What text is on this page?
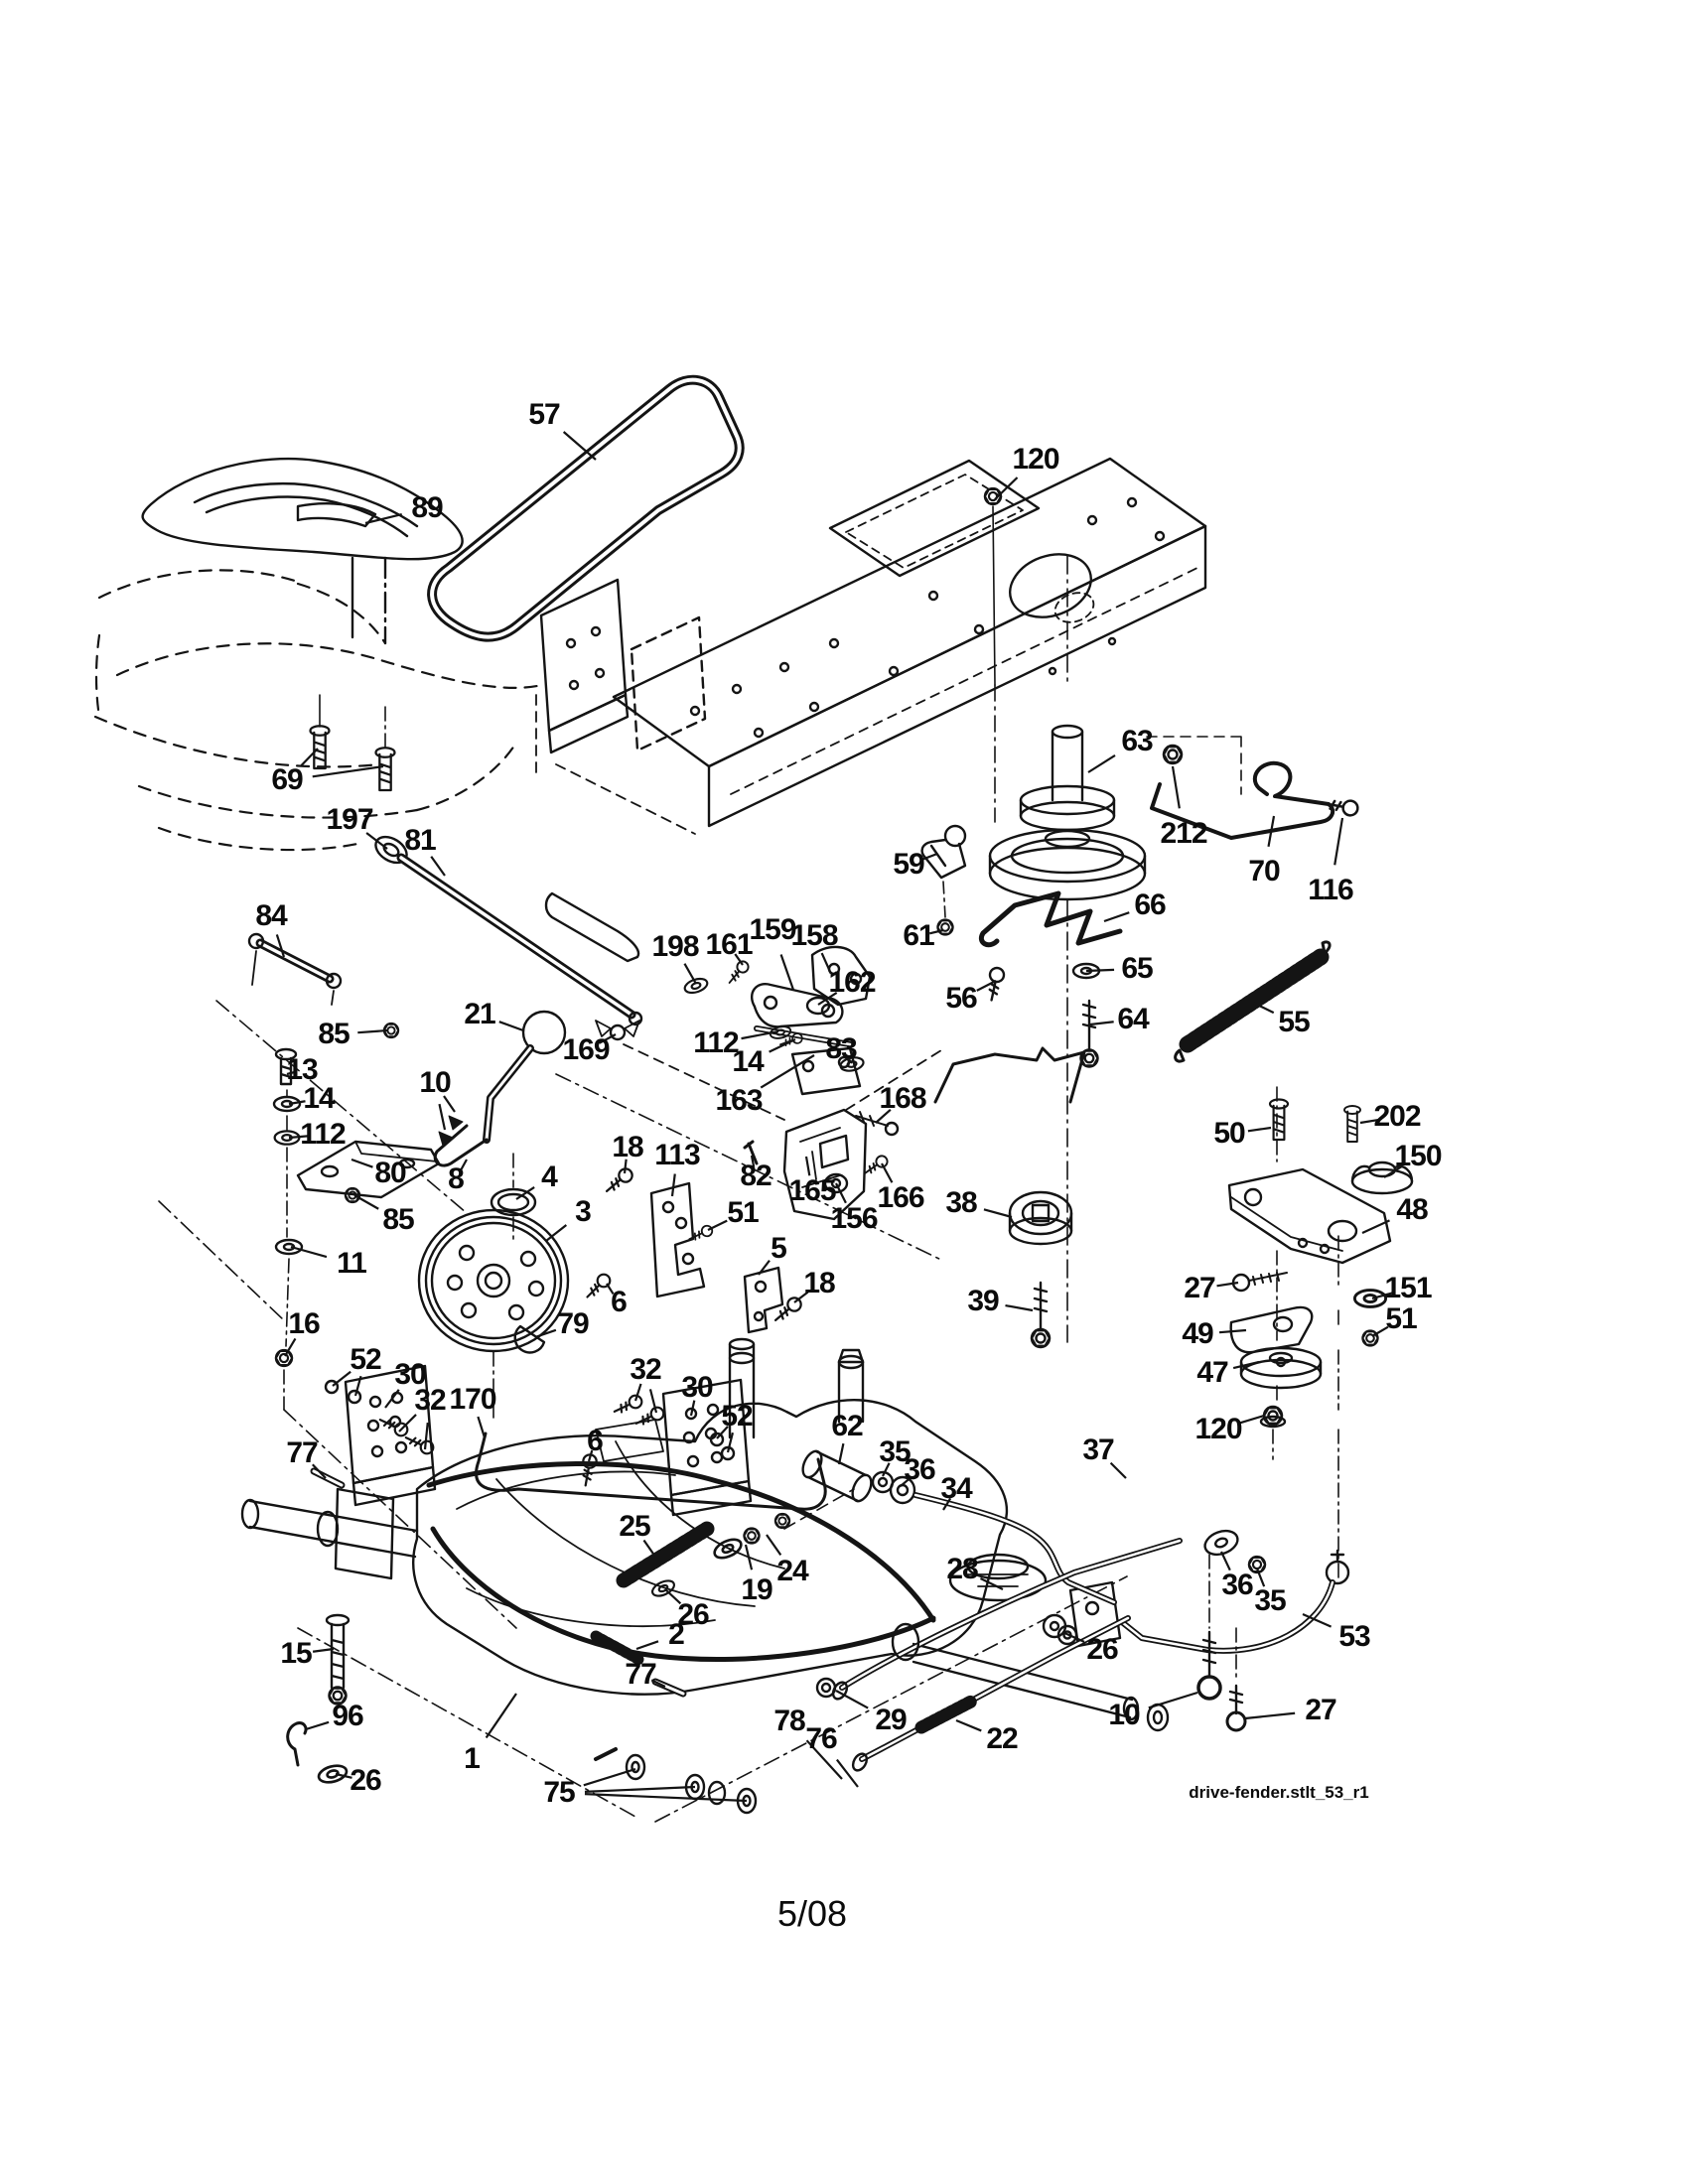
57
120
89
69
197
81
63
212
70
116
59
61
66
65
56
64	55
84
85
21
169
198 161
159
158
162
112
14 83
163	168
13
14
112
10
80 8
85
4
3
18 113
82 165
156
166
11
16	79
202
50
150
48
38
39	27	151
51
49
47
120
37
51
5
18
6
52 30
32 170
6
32
30
52	62
35
36
34
25
19
24
26
2
15
77
77
96
1
26	75
28
26
36 35
53
10	27
29
78
76	22
drive-fender.stlt_53_r1
5/08
